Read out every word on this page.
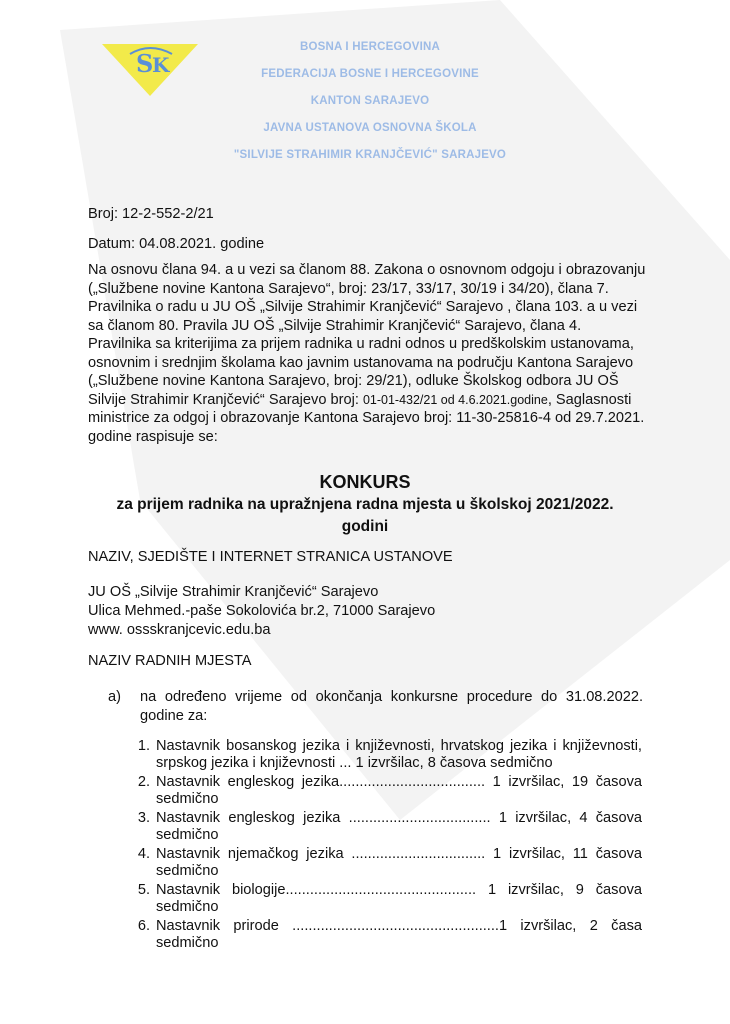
S
K
BOSNA I HERCEGOVINA
FEDERACIJA BOSNE I HERCEGOVINE
KANTON SARAJEVO
JAVNA USTANOVA OSNOVNA ŠKOLA
"SILVIJE STRAHIMIR KRANJČEVIĆ" SARAJEVO
Broj: 12-2-552-2/21
Datum: 04.08.2021. godine
Na osnovu člana 94. a u vezi sa članom 88. Zakona o osnovnom odgoju i obrazovanju („Službene novine Kantona Sarajevo“, broj: 23/17, 33/17, 30/19 i 34/20), člana 7. Pravilnika o radu u JU OŠ „Silvije Strahimir Kranjčević“ Sarajevo , člana 103. a u vezi sa članom 80. Pravila JU OŠ „Silvije Strahimir Kranjčević“ Sarajevo, člana 4. Pravilnika sa kriterijima za prijem radnika u radni odnos u predškolskim ustanovama, osnovnim i srednjim školama kao javnim ustanovama na području Kantona Sarajevo („Službene novine Kantona Sarajevo, broj: 29/21), odluke Školskog odbora JU OŠ Silvije Strahimir Kranjčević“ Sarajevo broj: 01-01-432/21 od 4.6.2021.godine, Saglasnosti ministrice za odgoj i obrazovanje Kantona Sarajevo broj: 11-30-25816-4 od 29.7.2021. godine raspisuje se:
KONKURS
za prijem radnika na upražnjena radna mjesta u školskoj 2021/2022.
godini
NAZIV, SJEDIŠTE I INTERNET STRANICA USTANOVE
JU OŠ „Silvije Strahimir Kranjčević“ Sarajevo
Ulica Mehmed.-paše Sokolovića br.2, 71000 Sarajevo
www. ossskranjcevic.edu.ba
NAZIV RADNIH MJESTA
a) na određeno vrijeme od okončanja konkursne procedure do 31.08.2022. godine za:
1. Nastavnik bosanskog jezika i književnosti, hrvatskog jezika i književnosti, srpskog jezika i književnosti ... 1 izvršilac, 8 časova sedmično
2. Nastavnik engleskog jezika.................................... 1 izvršilac, 19 časova sedmično
3. Nastavnik engleskog jezika ................................... 1 izvršilac, 4 časova sedmično
4. Nastavnik njemačkog jezika ................................. 1 izvršilac, 11 časova sedmično
5. Nastavnik biologije............................................... 1 izvršilac, 9 časova sedmično
6. Nastavnik prirode ...................................................1 izvršilac, 2 časa sedmično
